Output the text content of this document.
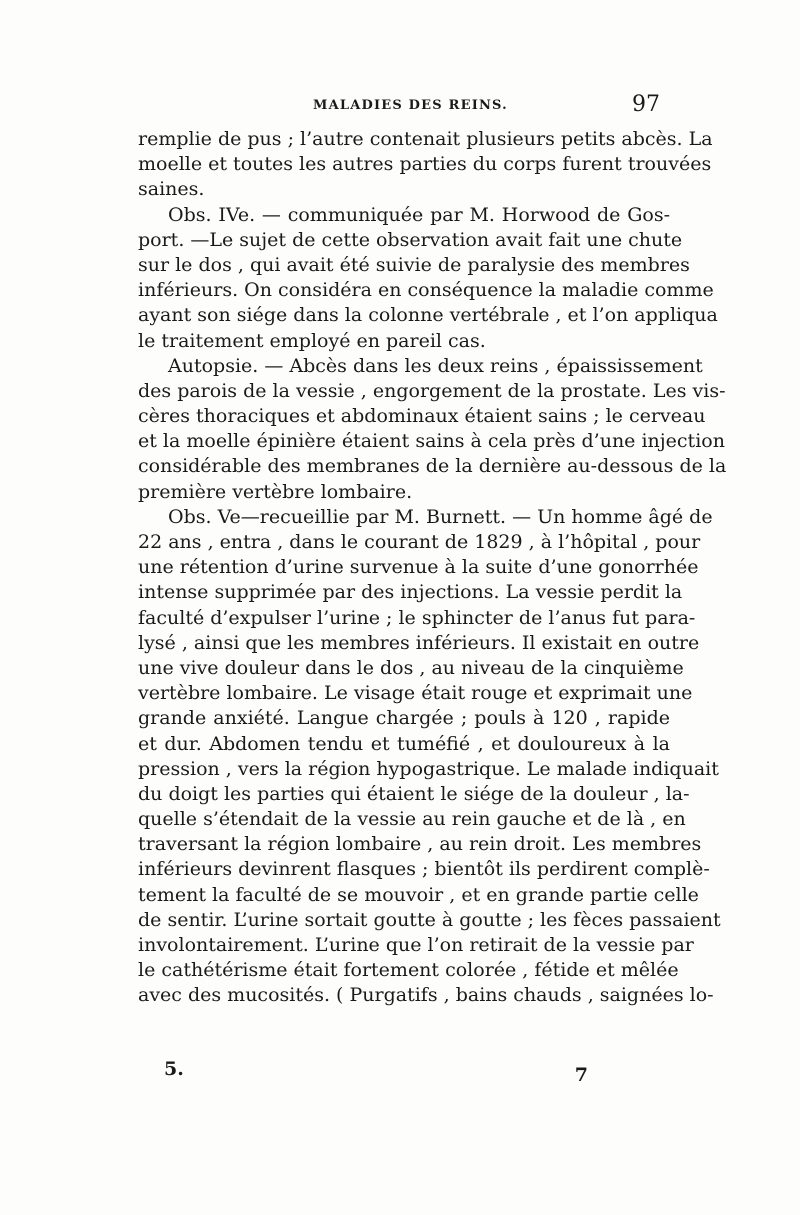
MALADIES DES REINS.	97
remplie de pus ; l’autre contenait plusieurs petits abcès. La
moelle et toutes les autres parties du corps furent trouvées
saines.
Obs. IVe. — communiquée par M. Horwood de Gos-
port. —Le sujet de cette observation avait fait une chute
sur le dos , qui avait été suivie de paralysie des membres
inférieurs. On considéra en conséquence la maladie comme
ayant son siége dans la colonne vertébrale , et l’on appliqua
le traitement employé en pareil cas.
Autopsie. — Abcès dans les deux reins , épaississement
des parois de la vessie , engorgement de la prostate. Les vis-
cères thoraciques et abdominaux étaient sains ; le cerveau
et la moelle épinière étaient sains à cela près d’une injection
considérable des membranes de la dernière au-dessous de la
première vertèbre lombaire.
Obs. Ve—recueillie par M. Burnett. — Un homme âgé de
22 ans , entra , dans le courant de 1829 , à l’hôpital , pour
une rétention d’urine survenue à la suite d’une gonorrhée
intense supprimée par des injections. La vessie perdit la
faculté d’expulser l’urine ; le sphincter de l’anus fut para-
lysé , ainsi que les membres inférieurs. Il existait en outre
une vive douleur dans le dos , au niveau de la cinquième
vertèbre lombaire. Le visage était rouge et exprimait une
grande anxiété. Langue chargée ; pouls à 120 , rapide
et dur. Abdomen tendu et tuméfié , et douloureux à la
pression , vers la région hypogastrique. Le malade indiquait
du doigt les parties qui étaient le siége de la douleur , la-
quelle s’étendait de la vessie au rein gauche et de là , en
traversant la région lombaire , au rein droit. Les membres
inférieurs devinrent flasques ; bientôt ils perdirent complè-
tement la faculté de se mouvoir , et en grande partie celle
de sentir. L’urine sortait goutte à goutte ; les fèces passaient
involontairement. L’urine que l’on retirait de la vessie par
le cathétérisme était fortement colorée , fétide et mêlée
avec des mucosités. ( Purgatifs , bains chauds , saignées lo-
5.	7
